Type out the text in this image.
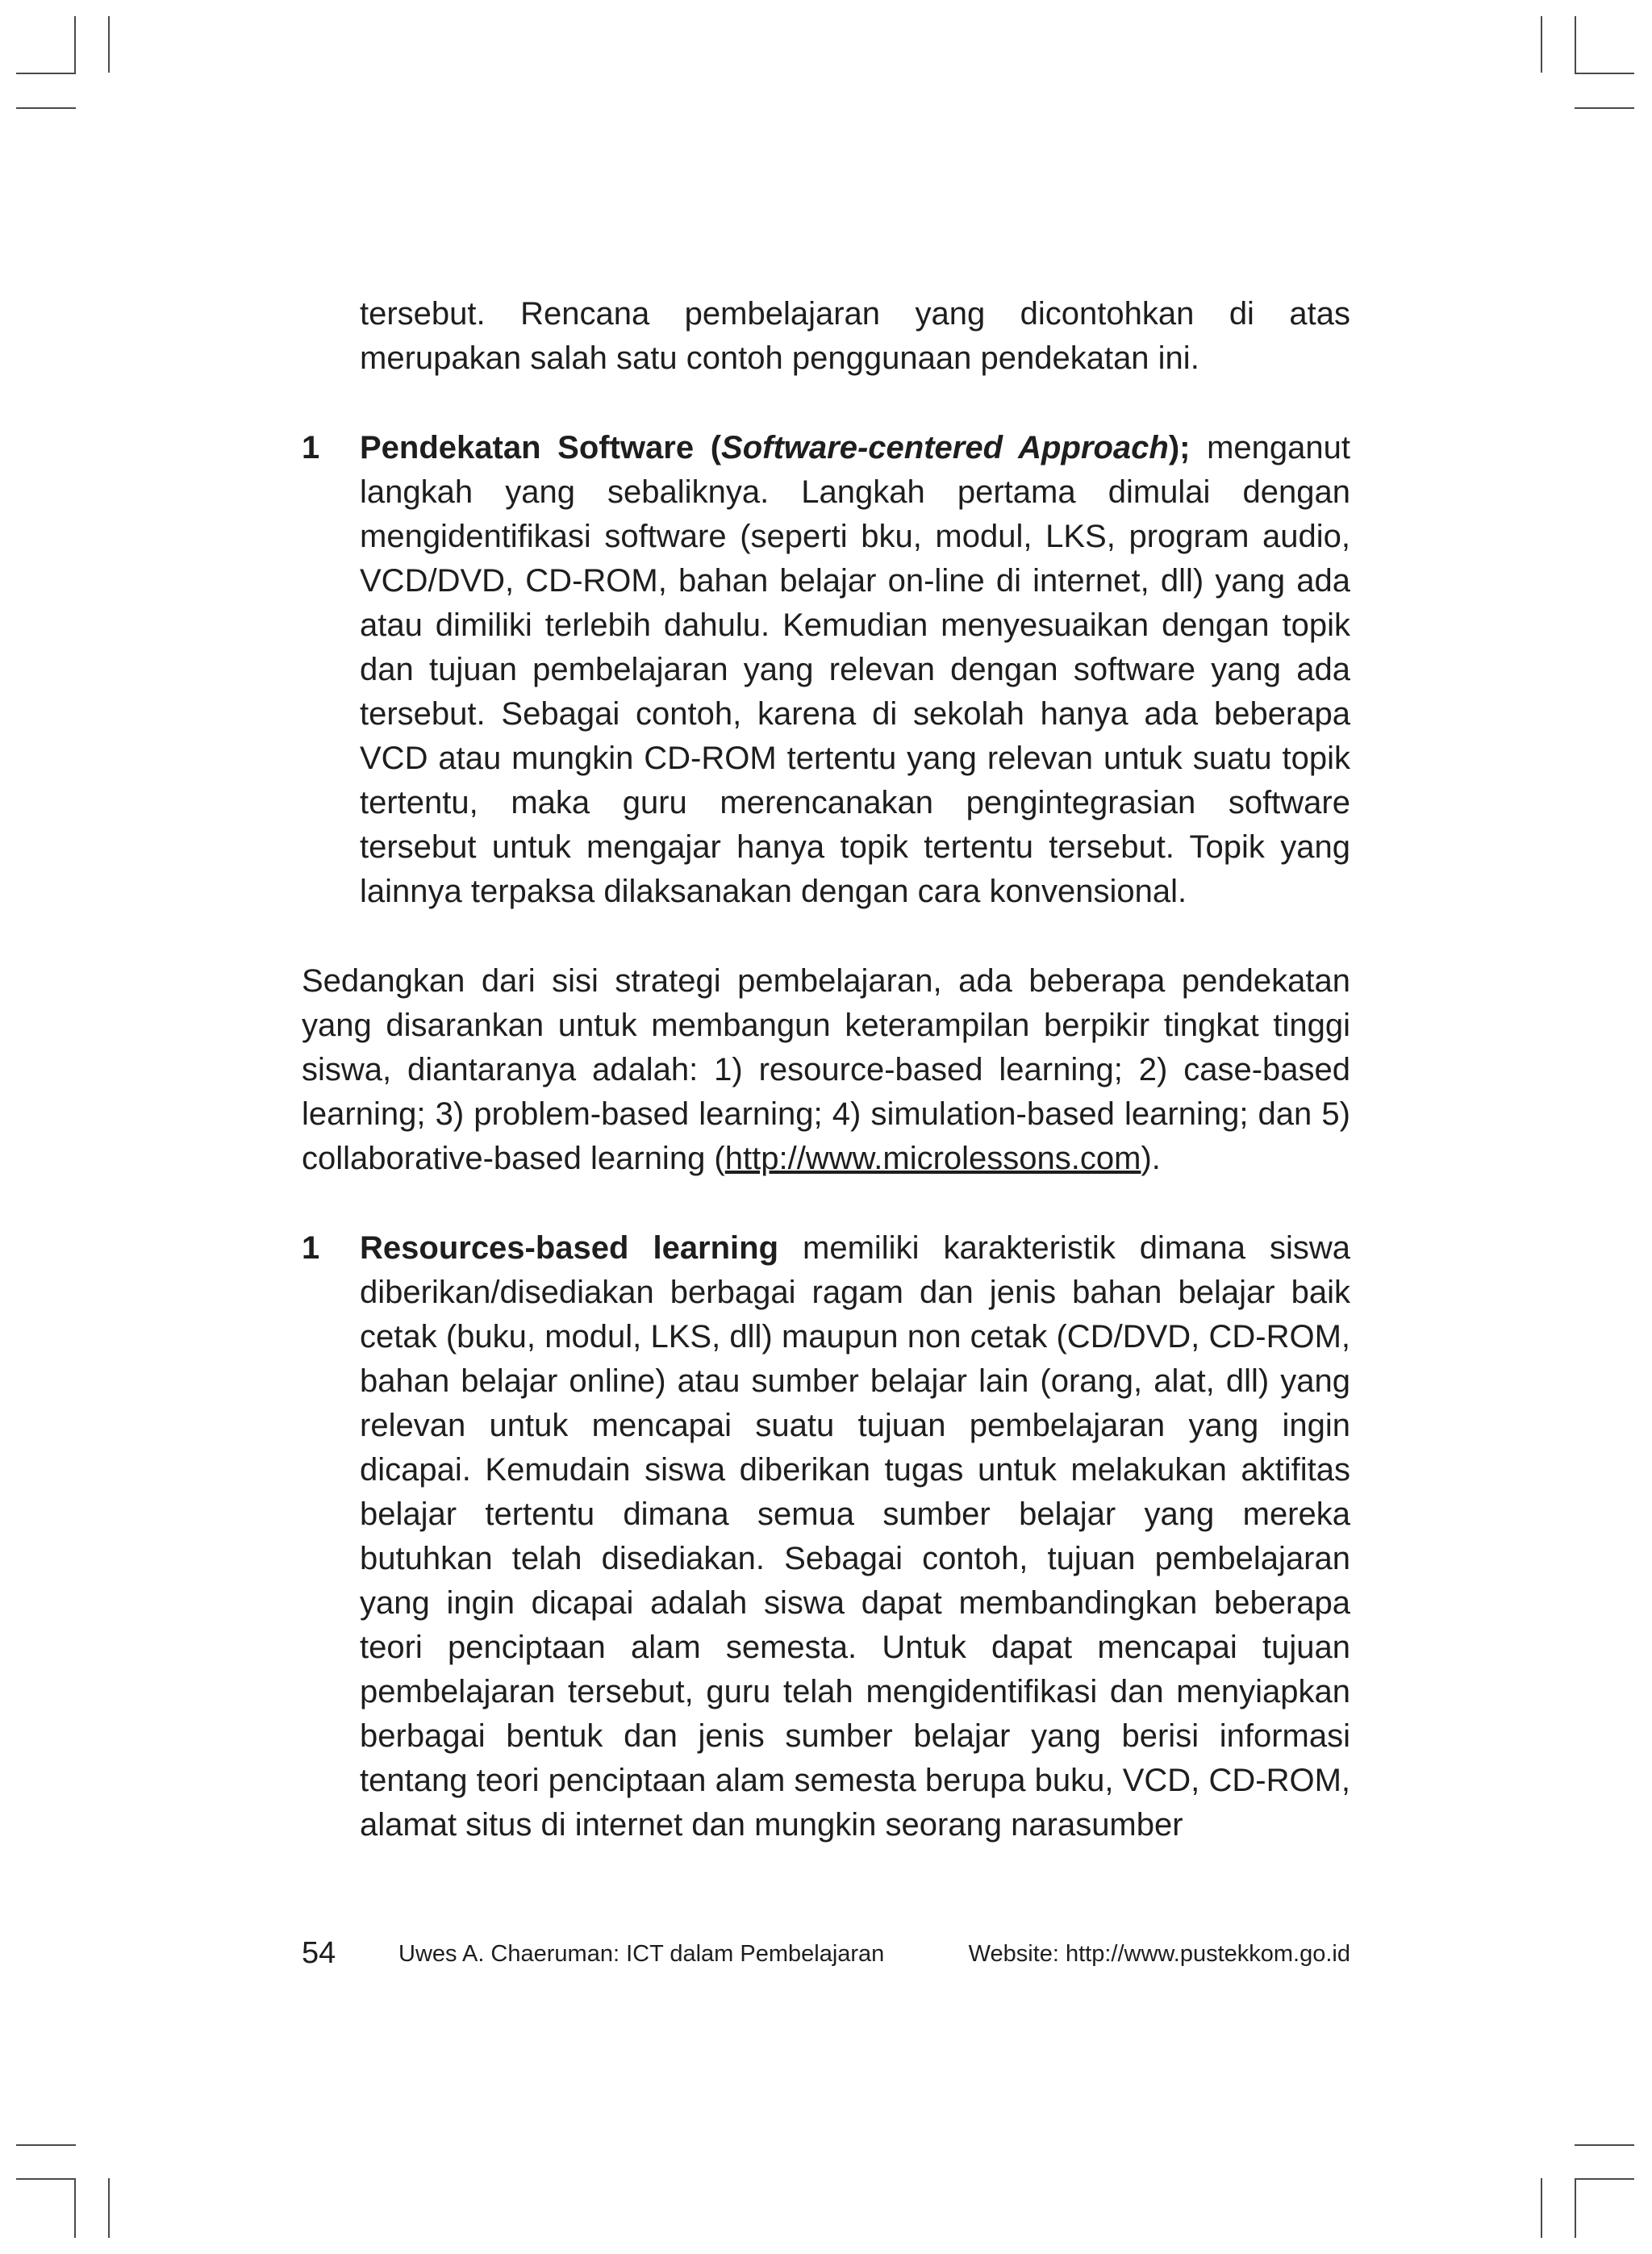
tersebut. Rencana pembelajaran yang dicontohkan di atas merupakan salah satu contoh penggunaan pendekatan ini.

1 Pendekatan Software (Software-centered Approach); menganut langkah yang sebaliknya. Langkah pertama dimulai dengan mengidentifikasi software (seperti bku, modul, LKS, program audio, VCD/DVD, CD-ROM, bahan belajar on-line di internet, dll) yang ada atau dimiliki terlebih dahulu. Kemudian menyesuaikan dengan topik dan tujuan pembelajaran yang relevan dengan software yang ada tersebut. Sebagai contoh, karena di sekolah hanya ada beberapa VCD atau mungkin CD-ROM tertentu yang relevan untuk suatu topik tertentu, maka guru merencanakan pengintegrasian software tersebut untuk mengajar hanya topik tertentu tersebut. Topik yang lainnya terpaksa dilaksanakan dengan cara konvensional.

Sedangkan dari sisi strategi pembelajaran, ada beberapa pendekatan yang disarankan untuk membangun keterampilan berpikir tingkat tinggi siswa, diantaranya adalah: 1) resource-based learning; 2) case-based learning; 3) problem-based learning; 4) simulation-based learning; dan 5) collaborative-based learning (http://www.microlessons.com).

1 Resources-based learning memiliki karakteristik dimana siswa diberikan/disediakan berbagai ragam dan jenis bahan belajar baik cetak (buku, modul, LKS, dll) maupun non cetak (CD/DVD, CD-ROM, bahan belajar online) atau sumber belajar lain (orang, alat, dll) yang relevan untuk mencapai suatu tujuan pembelajaran yang ingin dicapai. Kemudain siswa diberikan tugas untuk melakukan aktifitas belajar tertentu dimana semua sumber belajar yang mereka butuhkan telah disediakan. Sebagai contoh, tujuan pembelajaran yang ingin dicapai adalah siswa dapat membandingkan beberapa teori penciptaan alam semesta. Untuk dapat mencapai tujuan pembelajaran tersebut, guru telah mengidentifikasi dan menyiapkan berbagai bentuk dan jenis sumber belajar yang berisi informasi tentang teori penciptaan alam semesta berupa buku, VCD, CD-ROM, alamat situs di internet dan mungkin seorang narasumber
54	Uwes A. Chaeruman: ICT dalam Pembelajaran	Website: http://www.pustekkom.go.id
